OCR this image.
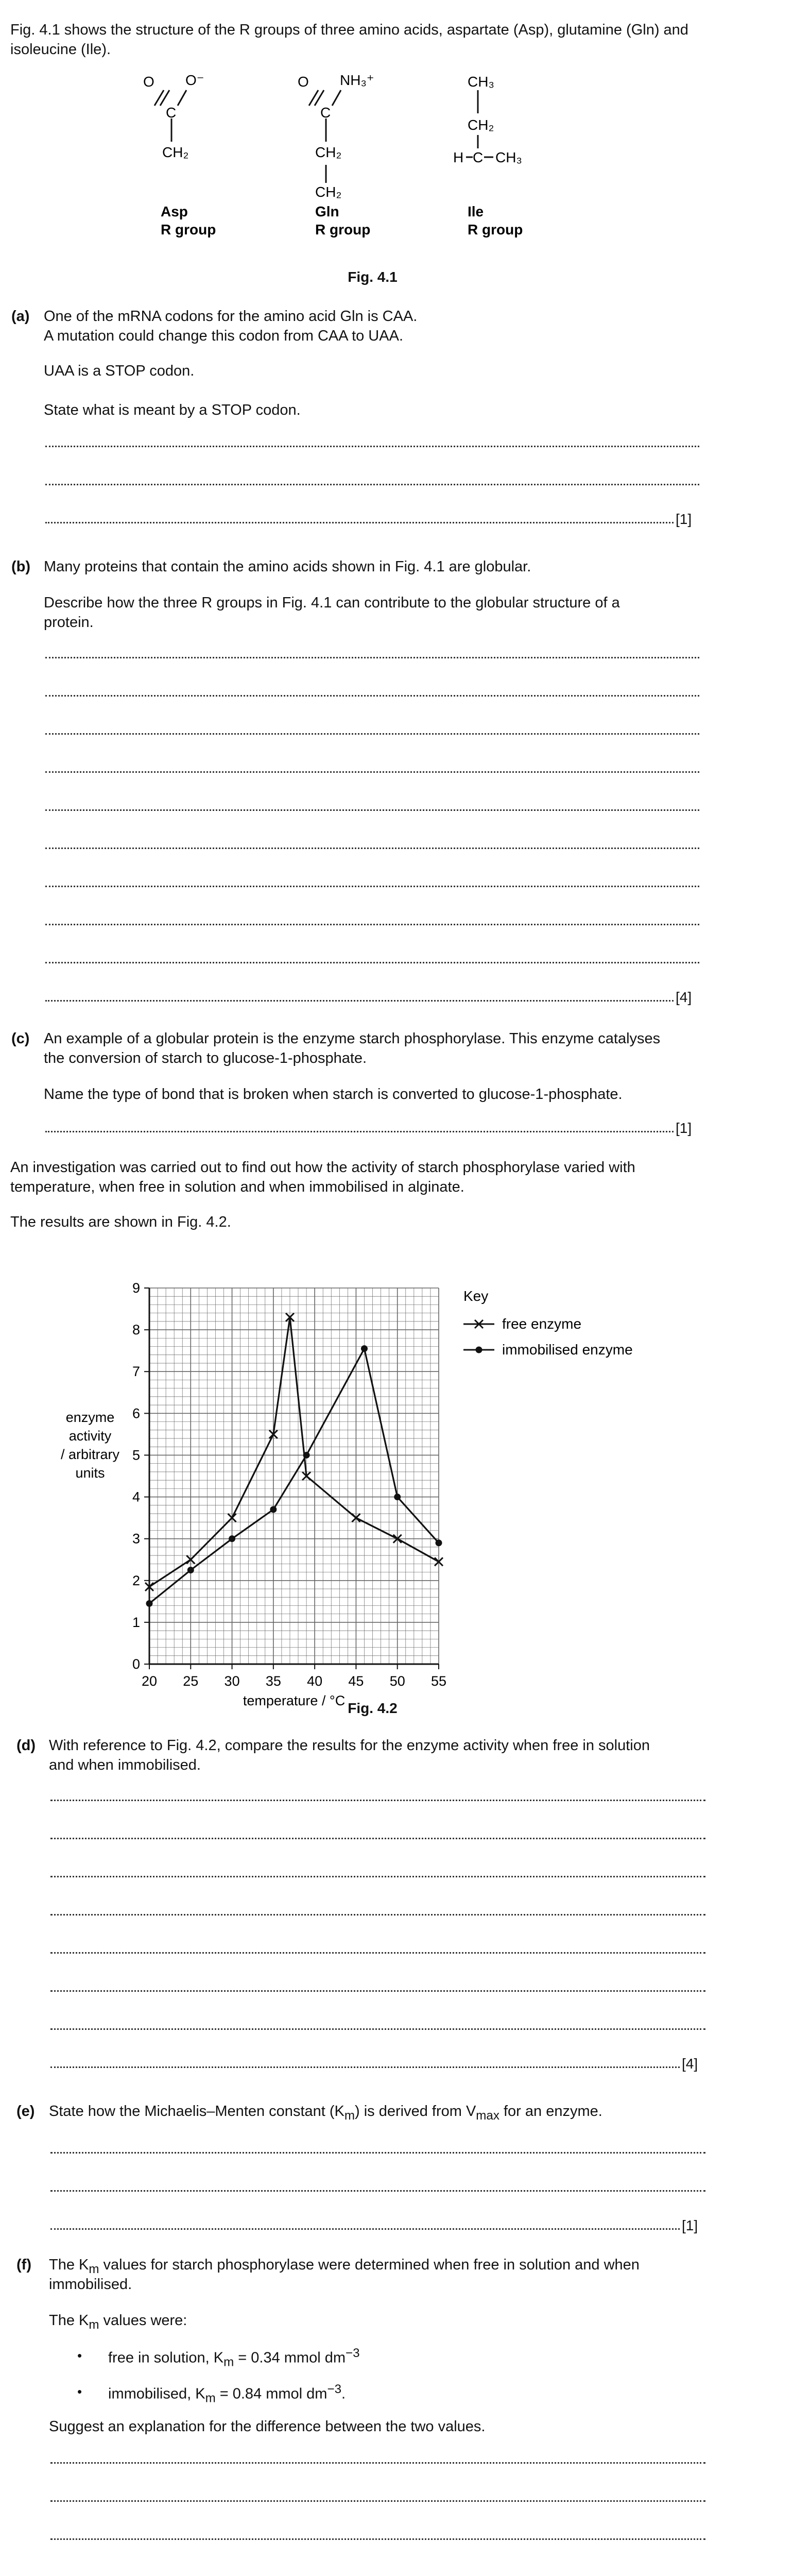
Fig. 4.1 shows the structure of the R groups of three amino acids, aspartate (Asp), glutamine (Gln) and isoleucine (Ile).
O O⁻
C
CH₂
Asp
R group
O NH₃⁺
C
CH₂
CH₂
Gln
R group
CH₃
CH₂
H C CH₃
Ile
R group
Fig. 4.1
(a) One of the mRNA codons for the amino acid Gln is CAA.
A mutation could change this codon from CAA to UAA.
UAA is a STOP codon.
State what is meant by a STOP codon.
[1]
(b) Many proteins that contain the amino acids shown in Fig. 4.1 are globular.
Describe how the three R groups in Fig. 4.1 can contribute to the globular structure of a
protein.
[4]
(c) An example of a globular protein is the enzyme starch phosphorylase. This enzyme catalyses
the conversion of starch to glucose-1-phosphate.
Name the type of bond that is broken when starch is converted to glucose-1-phosphate.
[1]
An investigation was carried out to find out how the activity of starch phosphorylase varied with
temperature, when free in solution and when immobilised in alginate.
The results are shown in Fig. 4.2.
20 25 30 35 40 45 50 55
0
1
2
3
4
5
6
7
8
9
temperature / °C
enzyme
activity
/ arbitrary
units
Key
free enzyme
immobilised enzyme
Fig. 4.2
(d) With reference to Fig. 4.2, compare the results for the enzyme activity when free in solution
and when immobilised.
[4]
(e) State how the Michaelis–Menten constant $(K_m)$ is derived from $V_{max}$ for an enzyme.
[1]
(f) The $K_m$ values for starch phosphorylase were determined when free in solution and when
immobilised.
The $K_m$ values were:
• free in solution, $K_m = 0.34$ mmol $dm^{-3}$
• immobilised, $K_m = 0.84$ mmol $dm^{-3}$.
Suggest an explanation for the difference between the two values.
